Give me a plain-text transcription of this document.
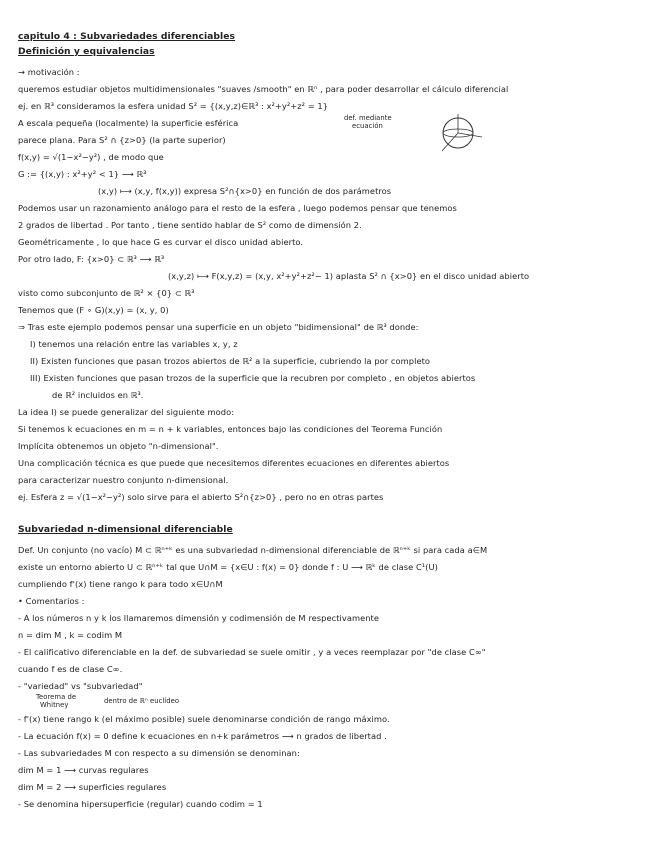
capitulo 4 : Subvariedades diferenciables
Definición y equivalencias
→ motivación :
queremos estudiar objetos multidimensionales "suaves /smooth" en ℝⁿ , para poder desarrollar el cálculo diferencial
ej. en ℝ³ consideramos la esfera unidad S² = {(x,y,z)∈ℝ³ : x²+y²+z² = 1}
A escala pequeña (localmente) la superficie esférica	def. mediante
ecuación
parece plana. Para S² ∩ {z>0} (la parte superior)
f(x,y) = √(1−x²−y²) , de modo que
G := {(x,y) : x²+y² < 1} ⟶ ℝ³
(x,y) ⟼ (x,y, f(x,y)) expresa S²∩{x>0} en función de dos parámetros
Podemos usar un razonamiento análogo para el resto de la esfera , luego podemos pensar que tenemos
2 grados de libertad . Por tanto , tiene sentido hablar de S² como de dimensión 2.
Geométricamente , lo que hace G es curvar el disco unidad abierto.
Por otro lado, F: {x>0} ⊂ ℝ³ ⟶ ℝ³
(x,y,z) ⟼ F(x,y,z) = (x,y, x²+y²+z²− 1) aplasta S² ∩ {x>0} en el disco unidad abierto
visto como subconjunto de ℝ² × {0} ⊂ ℝ³
Tenemos que (F ∘ G)(x,y) = (x, y, 0)
⇒ Tras este ejemplo podemos pensar una superficie en un objeto "bidimensional" de ℝ³ donde:
I) tenemos una relación entre las variables x, y, z
II) Existen funciones que pasan trozos abiertos de ℝ² a la superficie, cubriendo la por completo
III) Existen funciones que pasan trozos de la superficie que la recubren por completo , en objetos abiertos
de ℝ² incluidos en ℝ³.
La idea I) se puede generalizar del siguiente modo:
Si tenemos k ecuaciones en m = n + k variables, entonces bajo las condiciones del Teorema Función
Implícita obtenemos un objeto "n-dimensional".
Una complicación técnica es que puede que necesitemos diferentes ecuaciones en diferentes abiertos
para caracterizar nuestro conjunto n-dimensional.
ej. Esfera z = √(1−x²−y²) solo sirve para el abierto S²∩{z>0} , pero no en otras partes
Subvariedad n-dimensional diferenciable
Def. Un conjunto (no vacío) M ⊂ ℝⁿ⁺ᵏ es una subvariedad n-dimensional diferenciable de ℝⁿ⁺ᵏ si para cada a∈M
existe un entorno abierto U ⊂ ℝⁿ⁺ᵏ tal que U∩M = {x∈U : f(x) = 0} donde f : U ⟶ ℝᵏ de clase C¹(U)
cumpliendo f'(x) tiene rango k para todo x∈U∩M
• Comentarios :
- A los números n y k los llamaremos dimensión y codimensión de M respectivamente
n = dim M , k = codim M
- El calificativo diferenciable en la def. de subvariedad se suele omitir , y a veces reemplazar por "de clase C∞"
cuando f es de clase C∞.
- "variedad" vs "subvariedad"
Teorema de
Whitney	dentro de ℝⁿ euclídeo
- f'(x) tiene rango k (el máximo posible) suele denominarse condición de rango máximo.
- La ecuación f(x) = 0 define k ecuaciones en n+k parámetros ⟶ n grados de libertad .
- Las subvariedades M con respecto a su dimensión se denominan:
dim M = 1 ⟶ curvas regulares
dim M = 2 ⟶ superficies regulares
- Se denomina hipersuperficie (regular) cuando codim = 1
